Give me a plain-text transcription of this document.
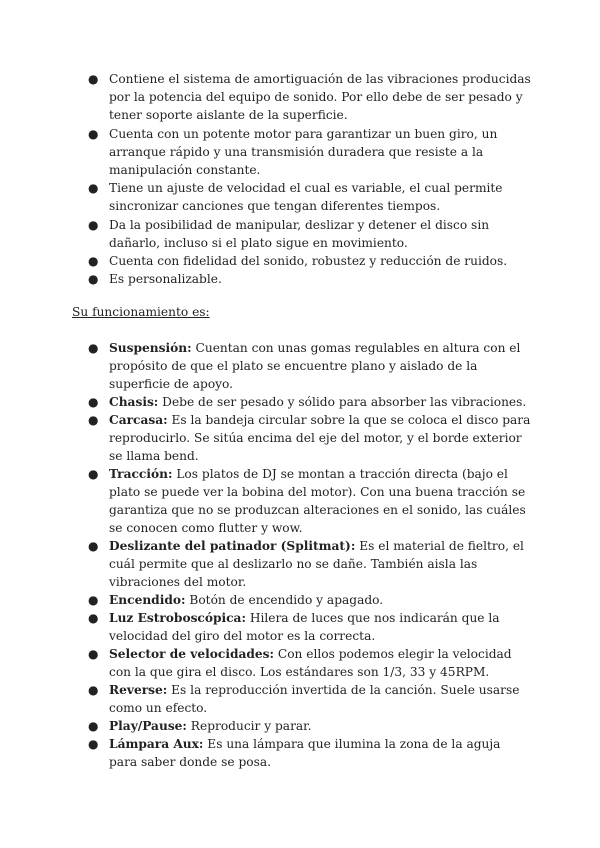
● Contiene el sistema de amortiguación de las vibraciones producidas por la potencia del equipo de sonido. Por ello debe de ser pesado y tener soporte aislante de la superficie.
● Cuenta con un potente motor para garantizar un buen giro, un arranque rápido y una transmisión duradera que resiste a la manipulación constante.
● Tiene un ajuste de velocidad el cual es variable, el cual permite sincronizar canciones que tengan diferentes tiempos.
● Da la posibilidad de manipular, deslizar y detener el disco sin dañarlo, incluso si el plato sigue en movimiento.
● Cuenta con fidelidad del sonido, robustez y reducción de ruidos.
● Es personalizable.

Su funcionamiento es:

● Suspensión: Cuentan con unas gomas regulables en altura con el propósito de que el plato se encuentre plano y aislado de la superficie de apoyo.
● Chasis: Debe de ser pesado y sólido para absorber las vibraciones.
● Carcasa: Es la bandeja circular sobre la que se coloca el disco para reproducirlo. Se sitúa encima del eje del motor, y el borde exterior se llama bend.
● Tracción: Los platos de DJ se montan a tracción directa (bajo el plato se puede ver la bobina del motor). Con una buena tracción se garantiza que no se produzcan alteraciones en el sonido, las cuáles se conocen como flutter y wow.
● Deslizante del patinador (Splitmat): Es el material de fieltro, el cuál permite que al deslizarlo no se dañe. También aisla las vibraciones del motor.
● Encendido: Botón de encendido y apagado.
● Luz Estroboscópica: Hilera de luces que nos indicarán que la velocidad del giro del motor es la correcta.
● Selector de velocidades: Con ellos podemos elegir la velocidad con la que gira el disco. Los estándares son 1/3, 33 y 45RPM.
● Reverse: Es la reproducción invertida de la canción. Suele usarse como un efecto.
● Play/Pause: Reproducir y parar.
● Lámpara Aux: Es una lámpara que ilumina la zona de la aguja para saber donde se posa.
